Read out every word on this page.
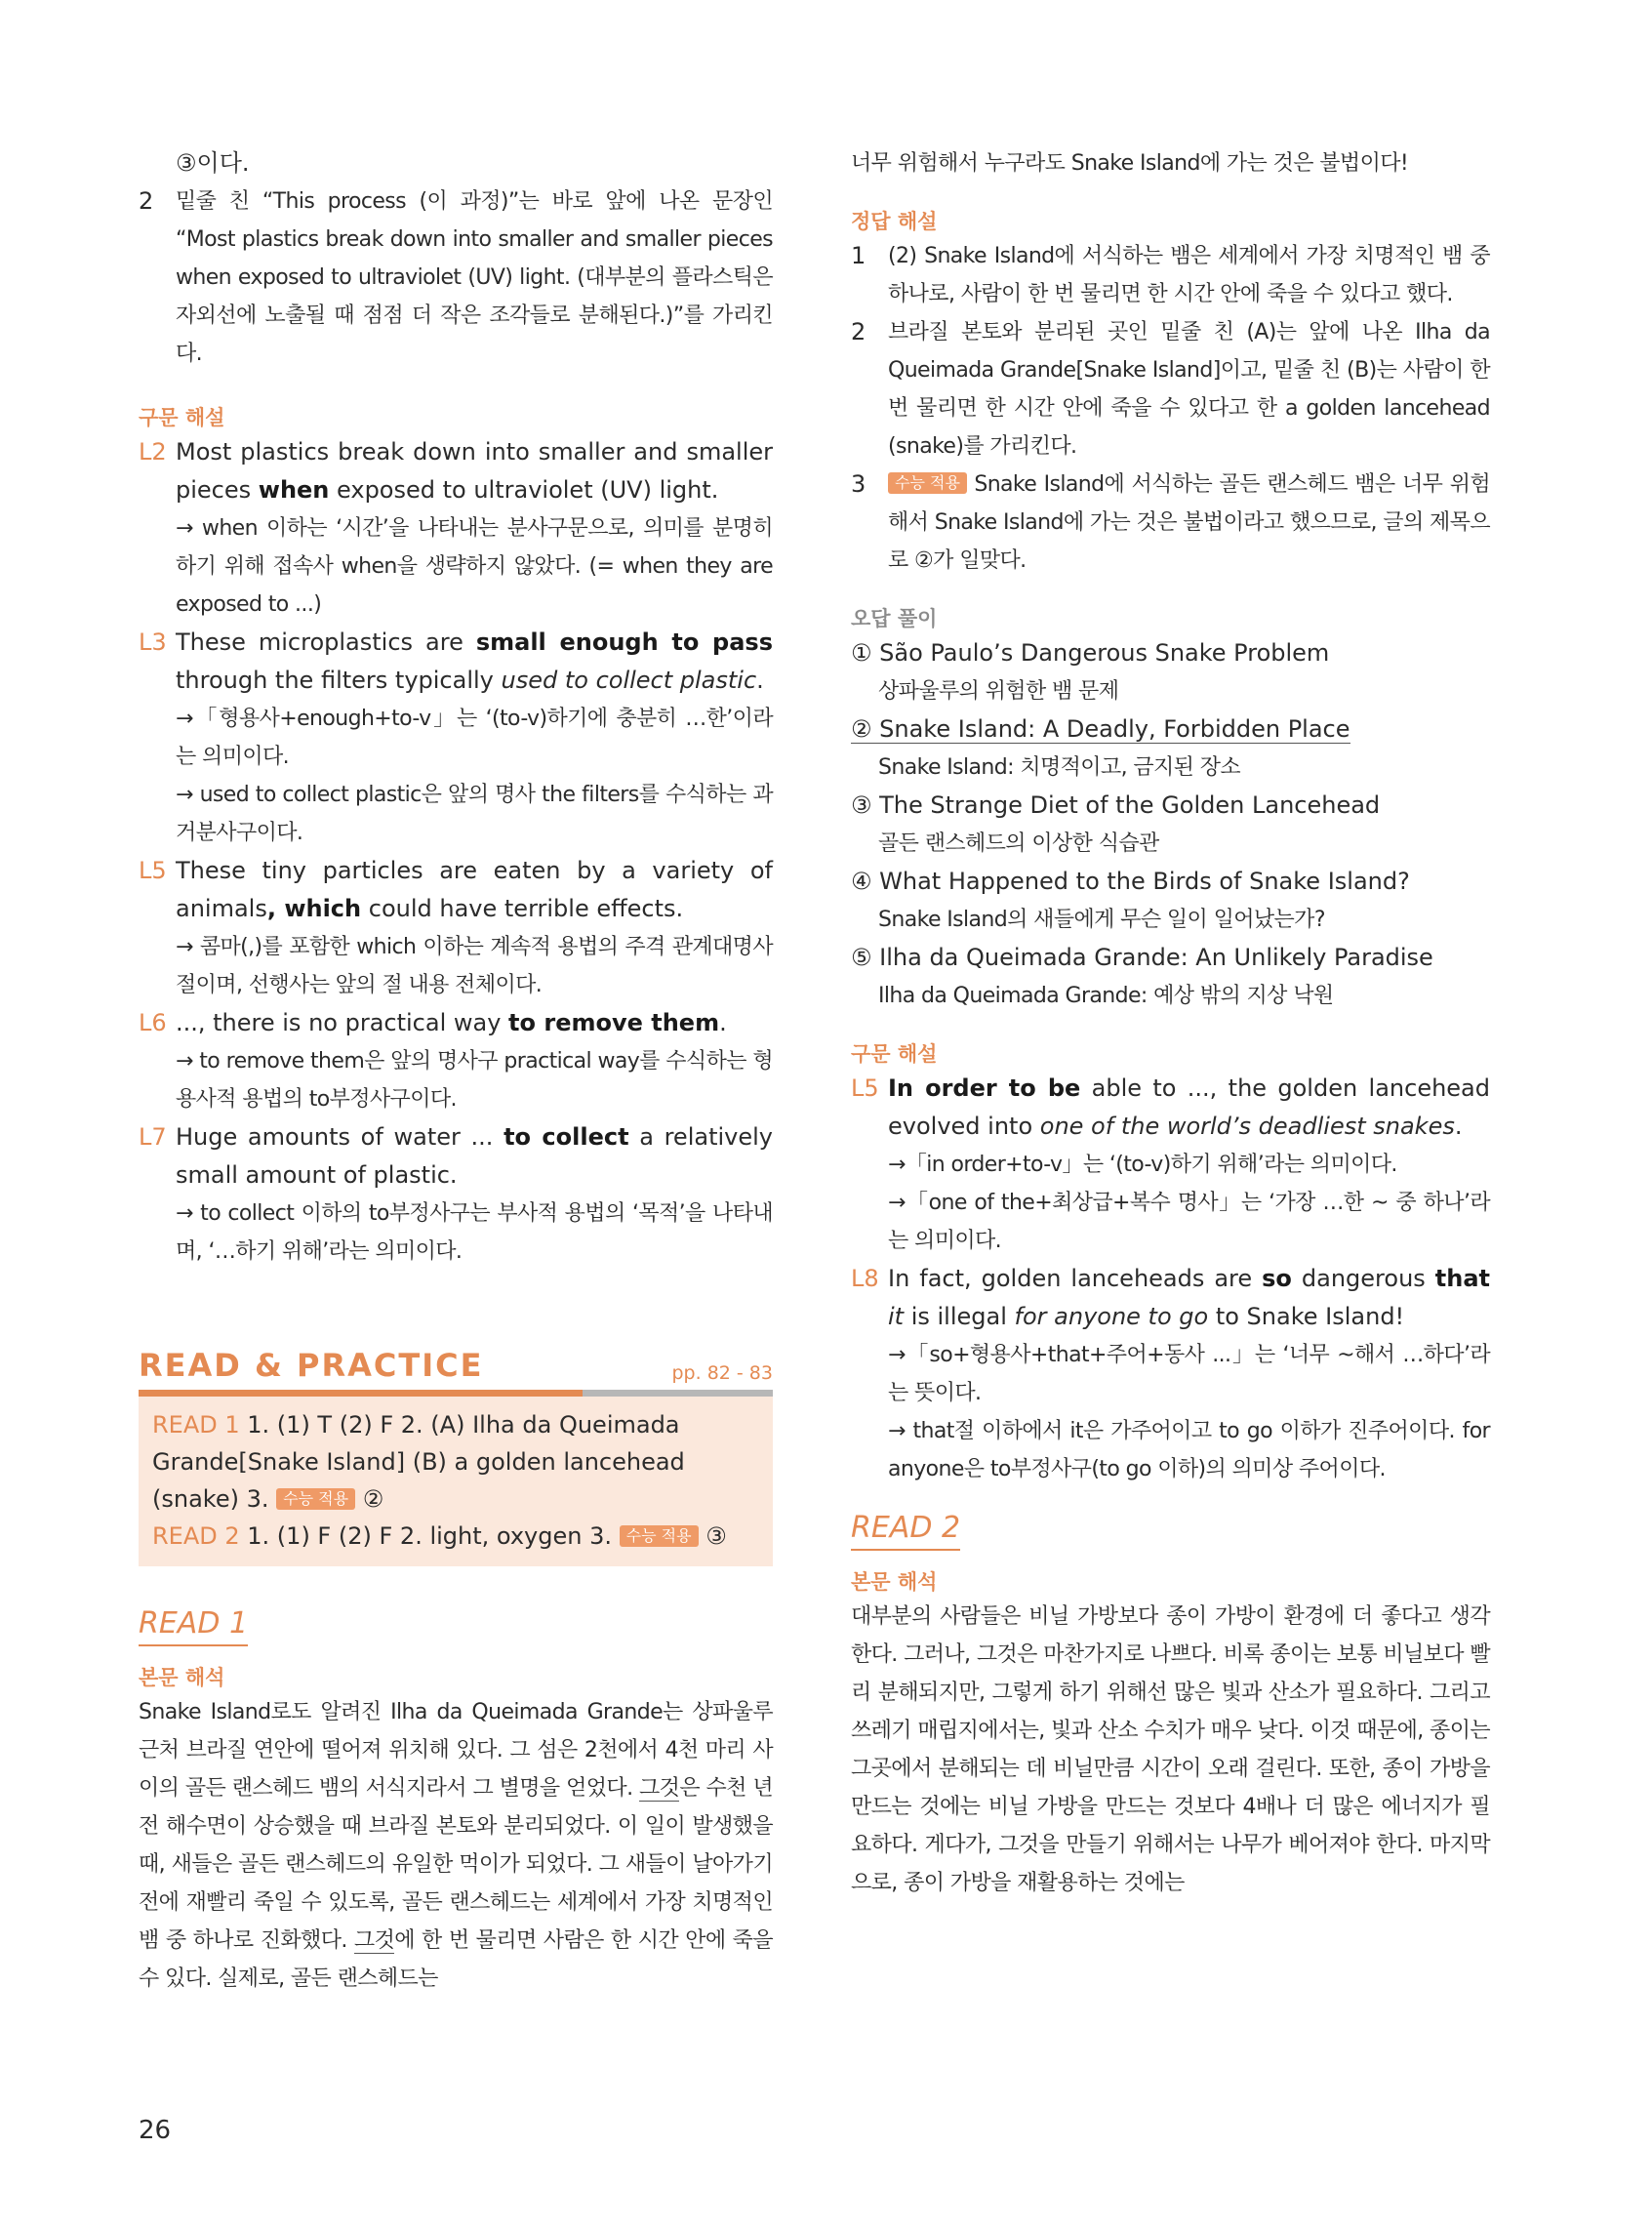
③이다.
2	밑줄 친 “This process (이 과정)”는 바로 앞에 나온 문장인 “Most plastics break down into smaller and smaller pieces when exposed to ultraviolet (UV) light. (대부분의 플라스틱은 자외선에 노출될 때 점점 더 작은 조각들로 분해된다.)”를 가리킨다.

구문 해설

L2 Most plastics break down into smaller and smaller pieces when exposed to ultraviolet (UV) light.
→ when 이하는 ‘시간’을 나타내는 분사구문으로, 의미를 분명히 하기 위해 접속사 when을 생략하지 않았다. (= when they are exposed to ...)
L3 These microplastics are small enough to pass through the filters typically used to collect plastic.
→「형용사+enough+to-v」는 ‘(to-v)하기에 충분히 …한’이라는 의미이다.
→ used to collect plastic은 앞의 명사 the filters를 수식하는 과거분사구이다.
L5 These tiny particles are eaten by a variety of animals, which could have terrible effects.
→ 콤마(,)를 포함한 which 이하는 계속적 용법의 주격 관계대명사절이며, 선행사는 앞의 절 내용 전체이다.
L6 ..., there is no practical way to remove them.
→ to remove them은 앞의 명사구 practical way를 수식하는 형용사적 용법의 to부정사구이다.
L7 Huge amounts of water ... to collect a relatively small amount of plastic.
→ to collect 이하의 to부정사구는 부사적 용법의 ‘목적’을 나타내며, ‘…하기 위해’라는 의미이다.
READ & PRACTICE	pp. 82 - 83
READ 1 1. (1) T (2) F 2. (A) Ilha da Queimada Grande[Snake Island] (B) a golden lancehead (snake) 3. 수능 적용 ②
READ 2 1. (1) F (2) F 2. light, oxygen 3. 수능 적용 ③
READ 1

본문 해석

Snake Island로도 알려진 Ilha da Queimada Grande는 상파울루 근처 브라질 연안에 떨어져 위치해 있다. 그 섬은 2천에서 4천 마리 사이의 골든 랜스헤드 뱀의 서식지라서 그 별명을 얻었다. 그것은 수천 년 전 해수면이 상승했을 때 브라질 본토와 분리되었다. 이 일이 발생했을 때, 새들은 골든 랜스헤드의 유일한 먹이가 되었다. 그 새들이 날아가기 전에 재빨리 죽일 수 있도록, 골든 랜스헤드는 세계에서 가장 치명적인 뱀 중 하나로 진화했다. 그것에 한 번 물리면 사람은 한 시간 안에 죽을 수 있다. 실제로, 골든 랜스헤드는
너무 위험해서 누구라도 Snake Island에 가는 것은 불법이다!

정답 해설

1	(2) Snake Island에 서식하는 뱀은 세계에서 가장 치명적인 뱀 중 하나로, 사람이 한 번 물리면 한 시간 안에 죽을 수 있다고 했다.
2	브라질 본토와 분리된 곳인 밑줄 친 (A)는 앞에 나온 Ilha da Queimada Grande[Snake Island]이고, 밑줄 친 (B)는 사람이 한 번 물리면 한 시간 안에 죽을 수 있다고 한 a golden lancehead (snake)를 가리킨다.
3	수능 적용 Snake Island에 서식하는 골든 랜스헤드 뱀은 너무 위험해서 Snake Island에 가는 것은 불법이라고 했으므로, 글의 제목으로 ②가 일맞다.

오답 풀이

① São Paulo’s Dangerous Snake Problem
상파울루의 위험한 뱀 문제
② Snake Island: A Deadly, Forbidden Place
Snake Island: 치명적이고, 금지된 장소
③ The Strange Diet of the Golden Lancehead
골든 랜스헤드의 이상한 식습관
④ What Happened to the Birds of Snake Island?
Snake Island의 새들에게 무슨 일이 일어났는가?
⑤ Ilha da Queimada Grande: An Unlikely Paradise
Ilha da Queimada Grande: 예상 밖의 지상 낙원

구문 해설

L5 In order to be able to ..., the golden lancehead evolved into one of the world’s deadliest snakes.
→「in order+to-v」는 ‘(to-v)하기 위해’라는 의미이다.
→「one of the+최상급+복수 명사」는 ‘가장 …한 ~ 중 하나’라는 의미이다.
L8 In fact, golden lanceheads are so dangerous that it is illegal for anyone to go to Snake Island!
→「so+형용사+that+주어+동사 ...」는 ‘너무 ~해서 …하다’라는 뜻이다.
→ that절 이하에서 it은 가주어이고 to go 이하가 진주어이다. for anyone은 to부정사구(to go 이하)의 의미상 주어이다.
READ 2

본문 해석

대부분의 사람들은 비닐 가방보다 종이 가방이 환경에 더 좋다고 생각한다. 그러나, 그것은 마찬가지로 나쁘다. 비록 종이는 보통 비닐보다 빨리 분해되지만, 그렇게 하기 위해선 많은 빛과 산소가 필요하다. 그리고 쓰레기 매립지에서는, 빛과 산소 수치가 매우 낮다. 이것 때문에, 종이는 그곳에서 분해되는 데 비닐만큼 시간이 오래 걸린다. 또한, 종이 가방을 만드는 것에는 비닐 가방을 만드는 것보다 4배나 더 많은 에너지가 필요하다. 게다가, 그것을 만들기 위해서는 나무가 베어져야 한다. 마지막으로, 종이 가방을 재활용하는 것에는
26
